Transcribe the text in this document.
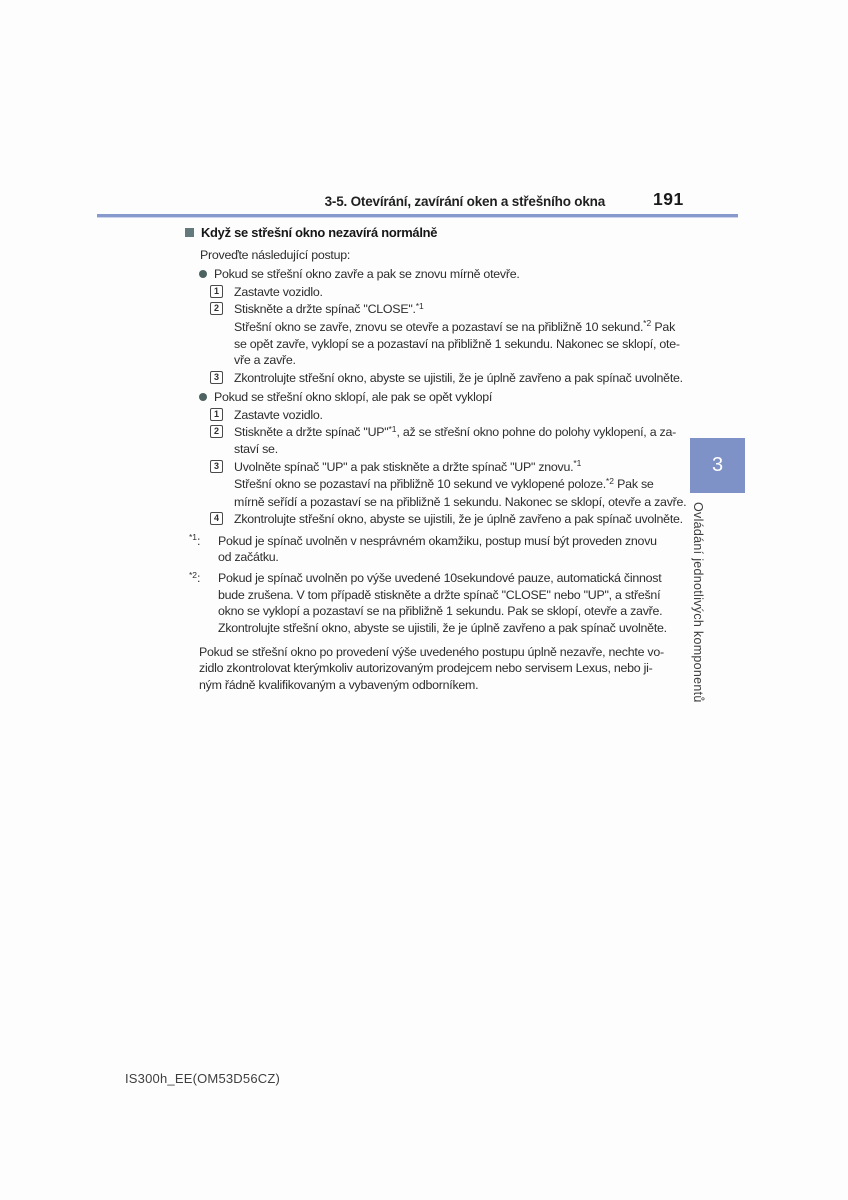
3-5. Otevírání, zavírání oken a střešního okna	191
Když se střešní okno nezavírá normálně
Proveďte následující postup:
Pokud se střešní okno zavře a pak se znovu mírně otevře.
1	Zastavte vozidlo.
2	Stiskněte a držte spínač "CLOSE".$^{*1}$
Střešní okno se zavře, znovu se otevře a pozastaví se na přibližně 10 sekund.$^{*2}$ Pak
se opět zavře, vyklopí se a pozastaví na přibližně 1 sekundu. Nakonec se sklopí, ote-
vře a zavře.
3	Zkontrolujte střešní okno, abyste se ujistili, že je úplně zavřeno a pak spínač uvolněte.
Pokud se střešní okno sklopí, ale pak se opět vyklopí
1	Zastavte vozidlo.
2	Stiskněte a držte spínač "UP"$^{*1}$, až se střešní okno pohne do polohy vyklopení, a za-
staví se.
3	Uvolněte spínač "UP" a pak stiskněte a držte spínač "UP" znovu.$^{*1}$
Střešní okno se pozastaví na přibližně 10 sekund ve vyklopené poloze.$^{*2}$ Pak se
mírně seřídí a pozastaví se na přibližně 1 sekundu. Nakonec se sklopí, otevře a zavře.
4	Zkontrolujte střešní okno, abyste se ujistili, že je úplně zavřeno a pak spínač uvolněte.
$^{*1}$:	Pokud je spínač uvolněn v nesprávném okamžiku, postup musí být proveden znovu
od začátku.
$^{*2}$:	Pokud je spínač uvolněn po výše uvedené 10sekundové pauze, automatická činnost
bude zrušena. V tom případě stiskněte a držte spínač "CLOSE" nebo "UP", a střešní
okno se vyklopí a pozastaví se na přibližně 1 sekundu. Pak se sklopí, otevře a zavře.
Zkontrolujte střešní okno, abyste se ujistili, že je úplně zavřeno a pak spínač uvolněte.
Pokud se střešní okno po provedení výše uvedeného postupu úplně nezavře, nechte vo-
zidlo zkontrolovat kterýmkoliv autorizovaným prodejcem nebo servisem Lexus, nebo ji-
ným řádně kvalifikovaným a vybaveným odborníkem.
3
Ovládání jednotlivých komponentů
IS300h_EE(OM53D56CZ)
